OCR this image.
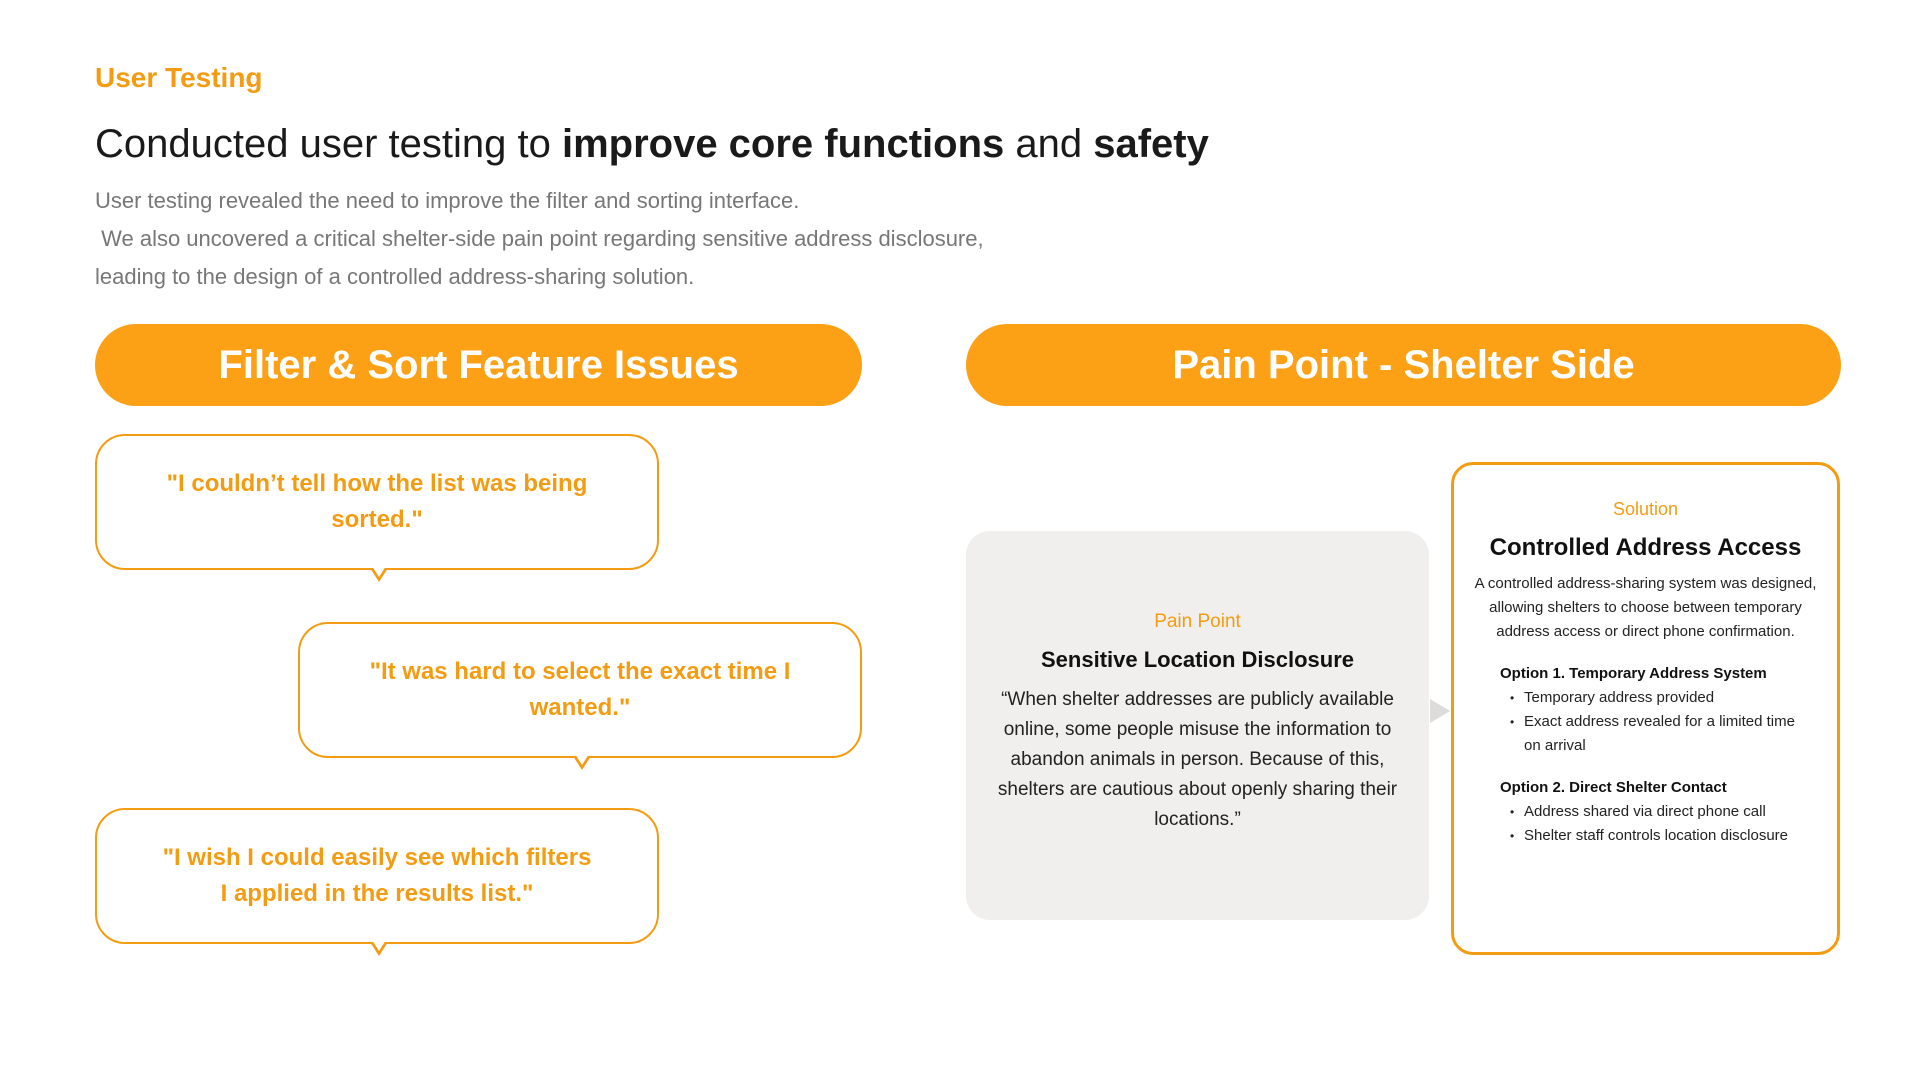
User Testing
Conducted user testing to improve core functions and safety

User testing revealed the need to improve the filter and sorting interface.

We also uncovered a critical shelter-side pain point regarding sensitive address disclosure,

leading to the design of a controlled address-sharing solution.

Filter & Sort Feature Issues	Pain Point - Shelter Side
"I couldn’t tell how the list was being sorted."
"It was hard to select the exact time I wanted."
"I wish I could easily see which filters I applied in the results list."
Pain Point
Sensitive Location Disclosure
“When shelter addresses are publicly available online, some people misuse the information to abandon animals in person. Because of this, shelters are cautious about openly sharing their locations.”
Solution
Controlled Address Access
A controlled address-sharing system was designed, allowing shelters to choose between temporary address access or direct phone confirmation.
Option 1. Temporary Address System
• Temporary address provided
• Exact address revealed for a limited time on arrival
Option 2. Direct Shelter Contact
• Address shared via direct phone call
• Shelter staff controls location disclosure
